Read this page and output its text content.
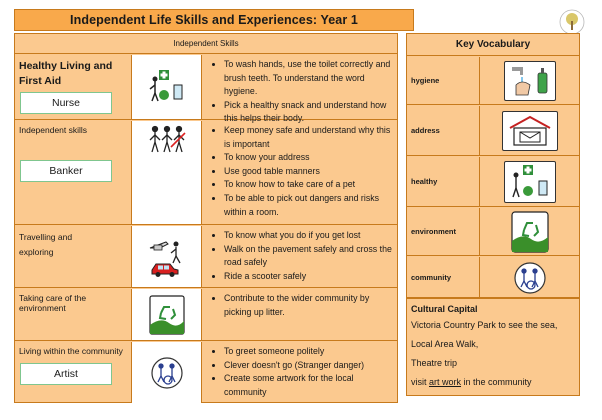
Independent Life Skills and Experiences: Year 1
Independent Skills
Healthy Living and First Aid
Nurse
• To wash hands, use the toilet correctly and brush teeth. To understand the word hygiene.
• Pick a healthy snack and understand how this helps their body.
Independent skills
Banker
• Keep money safe and understand why this is important
• To know your address
• Use good table manners
• To know how to take care of a pet
• To be able to pick out dangers and risks within a room.
Travelling and
exploring
• To know what you do if you get lost
• Walk on the pavement safely and cross the road safely
• Ride a scooter safely
Taking care of the environment
• Contribute to the wider community by picking up litter.
Living within the community
Artist
• To greet someone politely
• Clever doesn't go (Stranger danger)
• Create some artwork for the local community
Key Vocabulary
hygiene
address
healthy
environment
community
Cultural Capital
Victoria Country Park to see the sea,
Local Area Walk,
Theatre trip
visit art work in the community
